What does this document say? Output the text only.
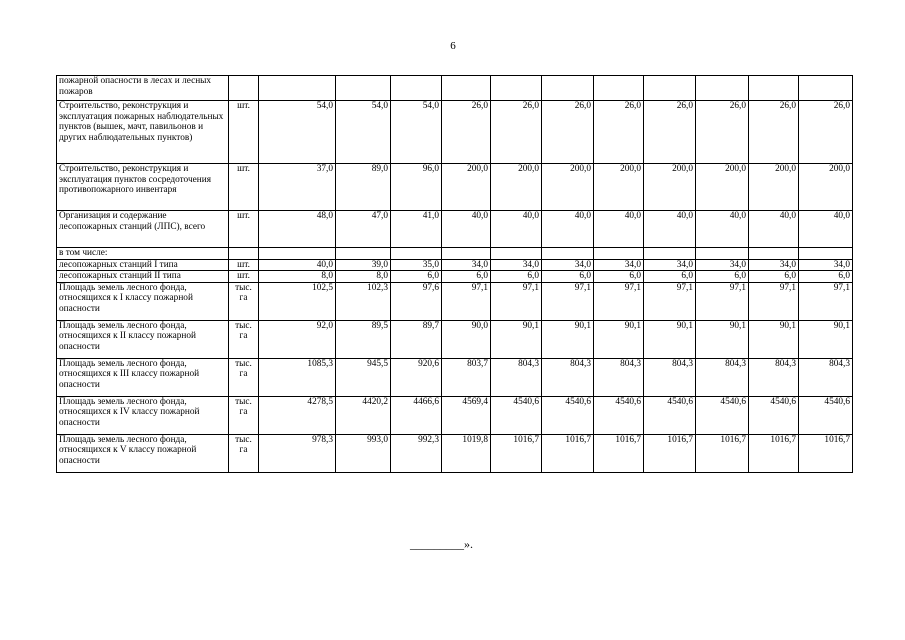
6
пожарной опасности в лесах и лесных пожаров												
Строительство, реконструкция и эксплуатация пожарных наблюдательных пунктов (вышек, мачт, павильонов и других наблюдательных пунктов)	шт.	54,0	54,0	54,0	26,0	26,0	26,0	26,0	26,0	26,0	26,0	26,0
Строительство, реконструкция и эксплуатация пунктов сосредоточения противопожарного инвентаря	шт.	37,0	89,0	96,0	200,0	200,0	200,0	200,0	200,0	200,0	200,0	200,0
Организация и содержание лесопожарных станций (ЛПС), всего	шт.	48,0	47,0	41,0	40,0	40,0	40,0	40,0	40,0	40,0	40,0	40,0
в том числе:												
лесопожарных станций I типа	шт.	40,0	39,0	35,0	34,0	34,0	34,0	34,0	34,0	34,0	34,0	34,0
лесопожарных станций II типа	шт.	8,0	8,0	6,0	6,0	6,0	6,0	6,0	6,0	6,0	6,0	6,0
Площадь земель лесного фонда, относящихся к I классу пожарной опасности	тыс. га	102,5	102,3	97,6	97,1	97,1	97,1	97,1	97,1	97,1	97,1	97,1
Площадь земель лесного фонда, относящихся к II классу пожарной опасности	тыс. га	92,0	89,5	89,7	90,0	90,1	90,1	90,1	90,1	90,1	90,1	90,1
Площадь земель лесного фонда, относящихся к III классу пожарной опасности	тыс. га	1085,3	945,5	920,6	803,7	804,3	804,3	804,3	804,3	804,3	804,3	804,3
Площадь земель лесного фонда, относящихся к IV классу пожарной опасности	тыс. га	4278,5	4420,2	4466,6	4569,4	4540,6	4540,6	4540,6	4540,6	4540,6	4540,6	4540,6
Площадь земель лесного фонда, относящихся к V классу пожарной опасности	тыс. га	978,3	993,0	992,3	1019,8	1016,7	1016,7	1016,7	1016,7	1016,7	1016,7	1016,7
_________».
